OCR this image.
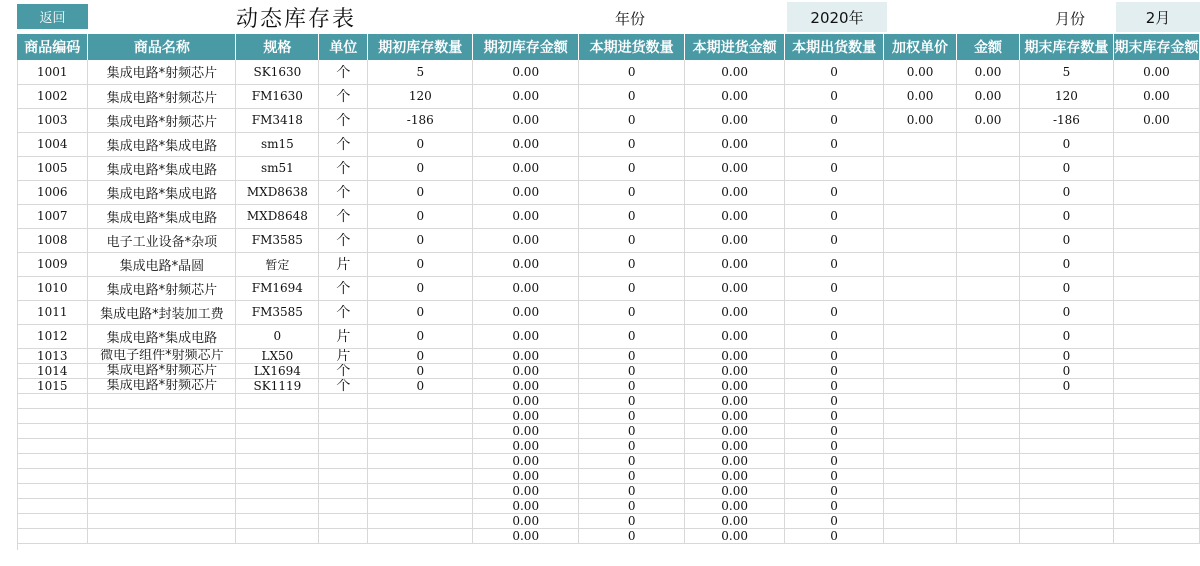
返回	动态库存表	年份	2020年	月份	2月
商品编码	商品名称	规格	单位	期初库存数量	期初库存金额	本期进货数量	本期进货金额	本期出货数量	加权单价	金额	期末库存数量	期末库存金额
1001	集成电路*射频芯片	SK1630	个	5	0.00	0	0.00	0	0.00	0.00	5	0.00
1002	集成电路*射频芯片	FM1630	个	120	0.00	0	0.00	0	0.00	0.00	120	0.00
1003	集成电路*射频芯片	FM3418	个	-186	0.00	0	0.00	0	0.00	0.00	-186	0.00
1004	集成电路*集成电路	sm15	个	0	0.00	0	0.00	0			0	
1005	集成电路*集成电路	sm51	个	0	0.00	0	0.00	0			0	
1006	集成电路*集成电路	MXD8638	个	0	0.00	0	0.00	0			0	
1007	集成电路*集成电路	MXD8648	个	0	0.00	0	0.00	0			0	
1008	电子工业设备*杂项	FM3585	个	0	0.00	0	0.00	0			0	
1009	集成电路*晶圆	暂定	片	0	0.00	0	0.00	0			0	
1010	集成电路*射频芯片	FM1694	个	0	0.00	0	0.00	0			0	
1011	集成电路*封装加工费	FM3585	个	0	0.00	0	0.00	0			0	
1012	集成电路*集成电路	0	片	0	0.00	0	0.00	0			0	
1013	微电子组件*射频芯片	LX50	片	0	0.00	0	0.00	0			0	
1014	集成电路*射频芯片	LX1694	个	0	0.00	0	0.00	0			0	
1015	集成电路*射频芯片	SK1119	个	0	0.00	0	0.00	0			0	
					0.00	0	0.00	0				
					0.00	0	0.00	0				
					0.00	0	0.00	0				
					0.00	0	0.00	0				
					0.00	0	0.00	0				
					0.00	0	0.00	0				
					0.00	0	0.00	0				
					0.00	0	0.00	0				
					0.00	0	0.00	0				
					0.00	0	0.00	0				
